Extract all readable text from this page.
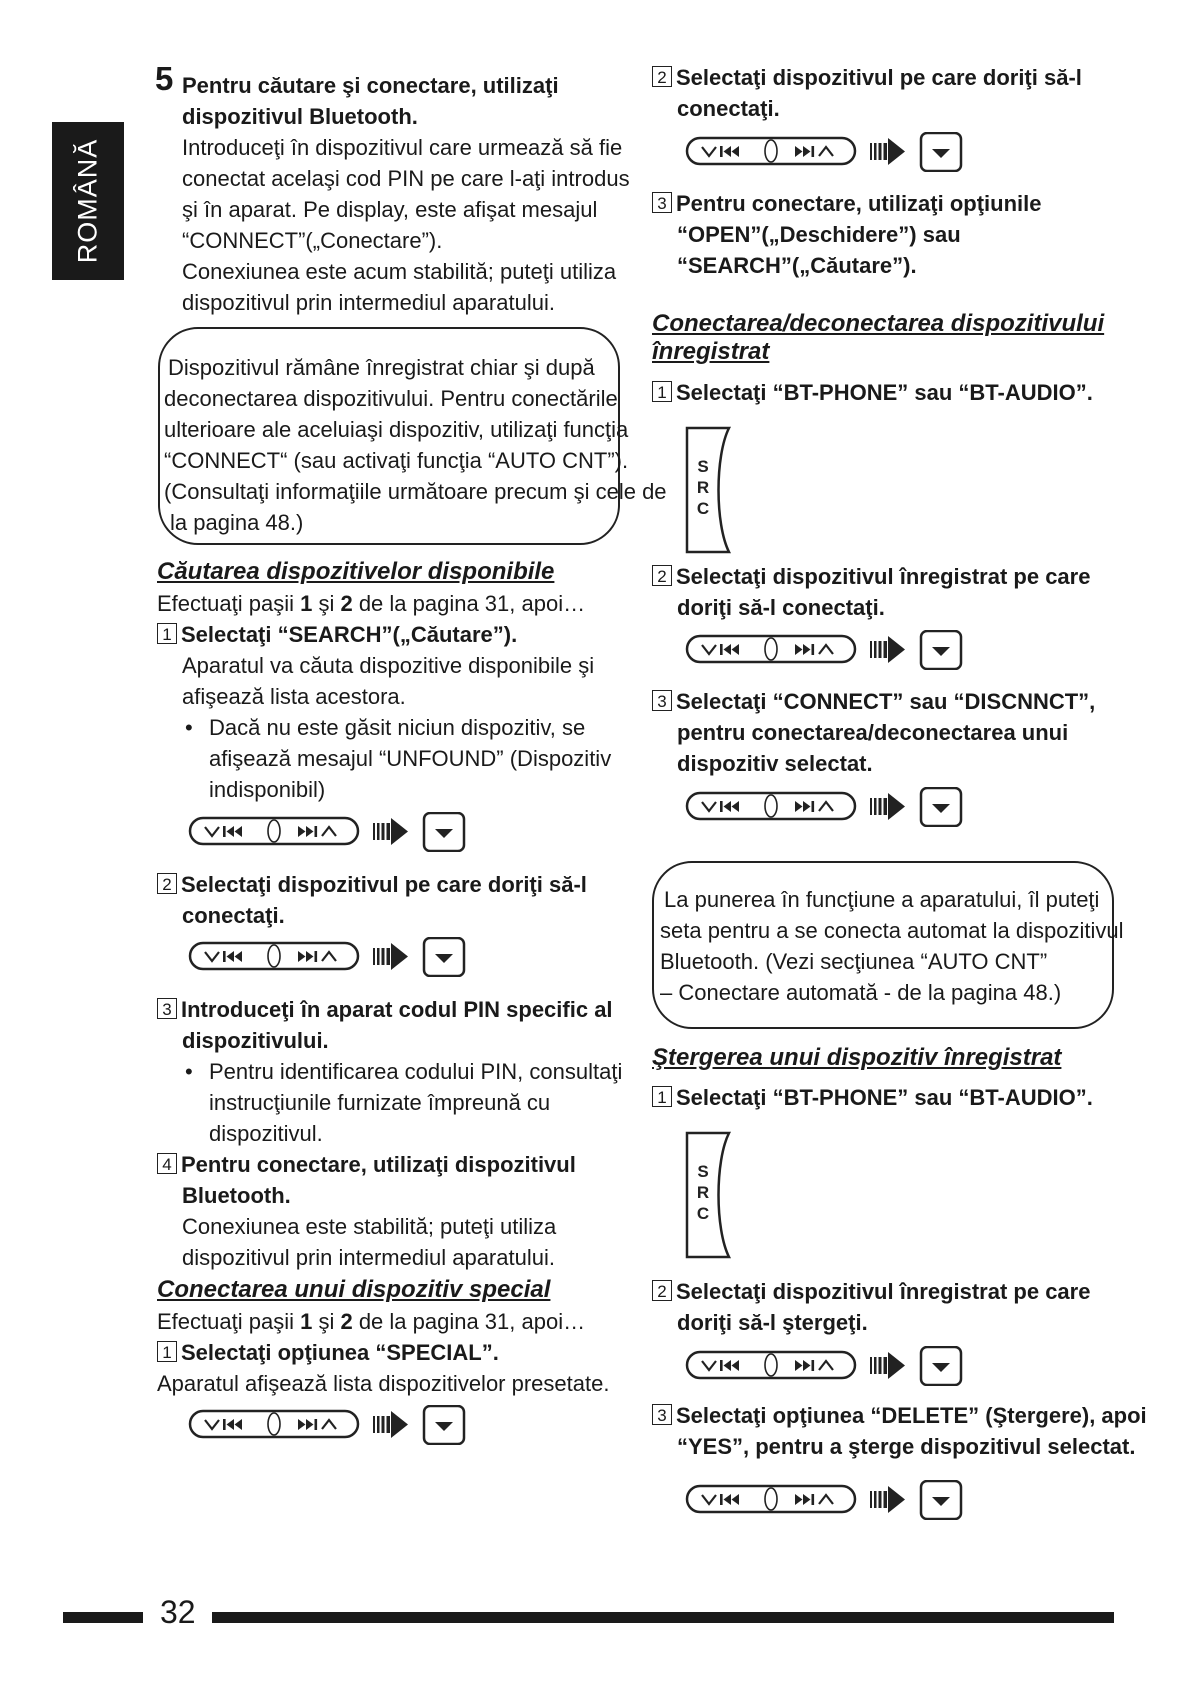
ROMÂNĂ
5 Pentru căutare şi conectare, utilizaţi
dispozitivul Bluetooth.
Introduceţi în dispozitivul care urmează să fie
conectat acelaşi cod PIN pe care l-aţi introdus
şi în aparat. Pe display, este afişat mesajul
“CONNECT”(„Conectare”).
Conexiunea este acum stabilită; puteţi utiliza
dispozitivul prin intermediul aparatului.
Dispozitivul rămâne înregistrat chiar şi după
deconectarea dispozitivului. Pentru conectările
ulterioare ale aceluiaşi dispozitiv, utilizaţi funcţia
“CONNECT“ (sau activaţi funcţia “AUTO CNT”).
(Consultaţi informaţiile următoare precum şi cele de
la pagina 48.)
Căutarea dispozitivelor disponibile
Efectuaţi paşii 1 şi 2 de la pagina 31, apoi…
1 Selectaţi “SEARCH”(„Căutare”).
Aparatul va căuta dispozitive disponibile şi
afişează lista acestora.
• Dacă nu este găsit niciun dispozitiv, se
afişează mesajul “UNFOUND” (Dispozitiv
indisponibil)
2 Selectaţi dispozitivul pe care doriţi să-l
conectaţi.
3 Introduceţi în aparat codul PIN specific al
dispozitivului.
• Pentru identificarea codului PIN, consultaţi
instrucţiunile furnizate împreună cu
dispozitivul.
4 Pentru conectare, utilizaţi dispozitivul
Bluetooth.
Conexiunea este stabilită; puteţi utiliza
dispozitivul prin intermediul aparatului.
Conectarea unui dispozitiv special
Efectuaţi paşii 1 şi 2 de la pagina 31, apoi…
1 Selectaţi opţiunea “SPECIAL”.
Aparatul afişează lista dispozitivelor presetate.
2 Selectaţi dispozitivul pe care doriţi să-l
conectaţi.
3 Pentru conectare, utilizaţi opţiunile
“OPEN”(„Deschidere”) sau
“SEARCH”(„Căutare”).
Conectarea/deconectarea dispozitivului
înregistrat
1 Selectaţi “BT-PHONE” sau “BT-AUDIO”.
2 Selectaţi dispozitivul înregistrat pe care
doriţi să-l conectaţi.
3 Selectaţi “CONNECT” sau “DISCNNCT”,
pentru conectarea/deconectarea unui
dispozitiv selectat.
La punerea în funcţiune a aparatului, îl puteţi
seta pentru a se conecta automat la dispozitivul
Bluetooth. (Vezi secţiunea “AUTO CNT”
– Conectare automată - de la pagina 48.)
Ştergerea unui dispozitiv înregistrat
1 Selectaţi “BT-PHONE” sau “BT-AUDIO”.
2 Selectaţi dispozitivul înregistrat pe care
doriţi să-l ştergeţi.
3 Selectaţi opţiunea “DELETE” (Ştergere), apoi
“YES”, pentru a şterge dispozitivul selectat.
32
